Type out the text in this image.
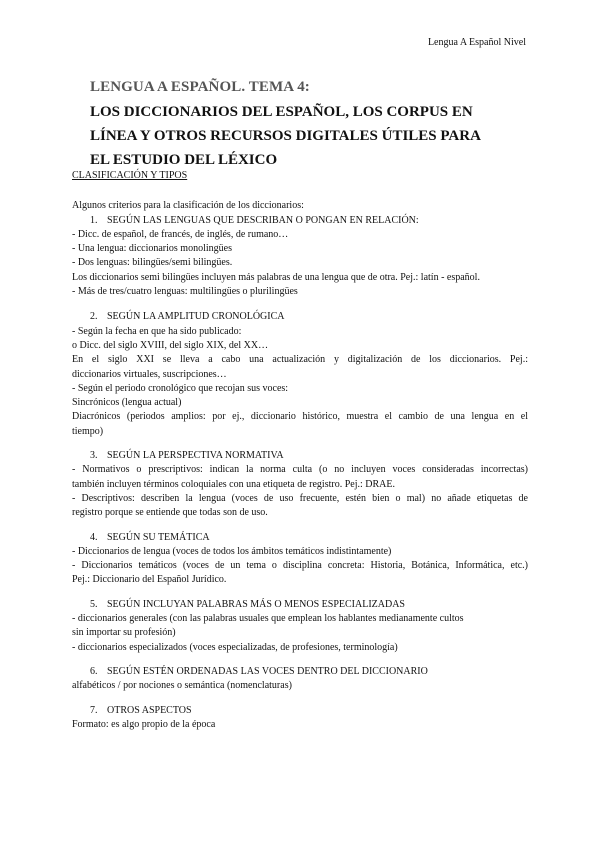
Lengua A Español Nivel
LENGUA A ESPAÑOL. TEMA 4:
LOS DICCIONARIOS DEL ESPAÑOL, LOS CORPUS EN
LÍNEA Y OTROS RECURSOS DIGITALES ÚTILES PARA
EL ESTUDIO DEL LÉXICO
CLASIFICACIÓN Y TIPOS
Algunos criterios para la clasificación de los diccionarios:
1. SEGÚN LAS LENGUAS QUE DESCRIBAN O PONGAN EN RELACIÓN:
- Dicc. de español, de francés, de inglés, de rumano…
- Una lengua: diccionarios monolingües
- Dos lenguas: bilingües/semi bilingües.
Los diccionarios semi bilingües incluyen más palabras de una lengua que de otra. Pej.: latín - español.
- Más de tres/cuatro lenguas: multilingües o plurilingües
2. SEGÚN LA AMPLITUD CRONOLÓGICA
- Según la fecha en que ha sido publicado:
o Dicc. del siglo XVIII, del siglo XIX, del XX…
En el siglo XXI se lleva a cabo una actualización y digitalización de los diccionarios. Pej.:
diccionarios virtuales, suscripciones…
- Según el periodo cronológico que recojan sus voces:
Sincrónicos (lengua actual)
Diacrónicos (periodos amplios: por ej., diccionario histórico, muestra el cambio de una lengua en el
tiempo)
3. SEGÚN LA PERSPECTIVA NORMATIVA
- Normativos o prescriptivos: indican la norma culta (o no incluyen voces consideradas incorrectas)
también incluyen términos coloquiales con una etiqueta de registro. Pej.: DRAE.
- Descriptivos: describen la lengua (voces de uso frecuente, estén bien o mal) no añade etiquetas de
registro porque se entiende que todas son de uso.
4. SEGÚN SU TEMÁTICA
- Diccionarios de lengua (voces de todos los ámbitos temáticos indistintamente)
- Diccionarios temáticos (voces de un tema o disciplina concreta: Historia, Botánica, Informática, etc.)
Pej.: Diccionario del Español Jurídico.
5. SEGÚN INCLUYAN PALABRAS MÁS O MENOS ESPECIALIZADAS
- diccionarios generales (con las palabras usuales que emplean los hablantes medianamente cultos
sin importar su profesión)
- diccionarios especializados (voces especializadas, de profesiones, terminología)
6. SEGÚN ESTÉN ORDENADAS LAS VOCES DENTRO DEL DICCIONARIO
alfabéticos / por nociones o semántica (nomenclaturas)
7. OTROS ASPECTOS
Formato: es algo propio de la época
